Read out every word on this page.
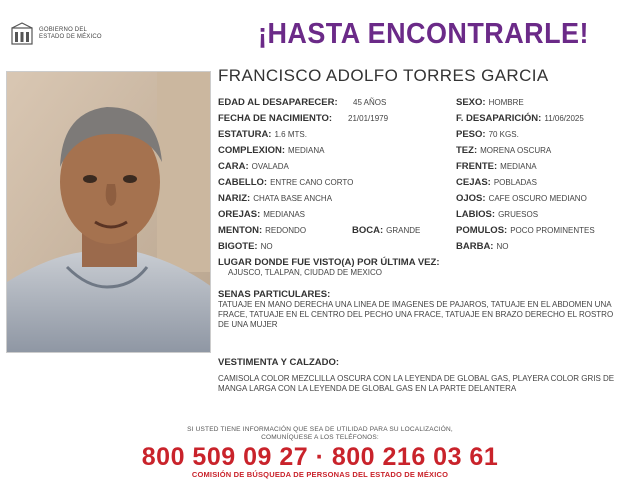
GOBIERNO DEL
ESTADO DE MÉXICO	¡HASTA ENCONTRARLE!
FRANCISCO ADOLFO TORRES GARCIA
EDAD AL DESAPARECER: 45 AÑOS
FECHA DE NACIMIENTO: 21/01/1979
ESTATURA: 1.6 MTS.
COMPLEXION: MEDIANA
CARA: OVALADA
CABELLO: ENTRE CANO CORTO
NARIZ: CHATA BASE ANCHA
OREJAS: MEDIANAS
MENTON: REDONDO	BOCA: GRANDE
BIGOTE: NO
SEXO: HOMBRE
F. DESAPARICIÓN: 11/06/2025
PESO: 70 KGS.
TEZ: MORENA OSCURA
FRENTE: MEDIANA
CEJAS: POBLADAS
OJOS: CAFE OSCURO MEDIANO
LABIOS: GRUESOS
POMULOS: POCO PROMINENTES
BARBA: NO
LUGAR DONDE FUE VISTO(A) POR ÚLTIMA VEZ:
AJUSCO, TLALPAN, CIUDAD DE MEXICO
SENAS PARTICULARES:
TATUAJE EN MANO DERECHA UNA LINEA DE IMAGENES DE PAJAROS, TATUAJE EN EL ABDOMEN UNA FRACE, TATUAJE EN EL CENTRO DEL PECHO UNA FRACE, TATUAJE EN BRAZO DERECHO EL ROSTRO DE UNA MUJER
VESTIMENTA Y CALZADO:
CAMISOLA COLOR MEZCLILLA OSCURA CON LA LEYENDA DE GLOBAL GAS, PLAYERA COLOR GRIS DE MANGA LARGA CON LA LEYENDA DE GLOBAL GAS EN LA PARTE DELANTERA
SI USTED TIENE INFORMACIÓN QUE SEA DE UTILIDAD PARA SU LOCALIZACIÓN,
COMUNÍQUESE A LOS TELÉFONOS:
800 509 09 27 · 800 216 03 61
COMISIÓN DE BÚSQUEDA DE PERSONAS DEL ESTADO DE MÉXICO
